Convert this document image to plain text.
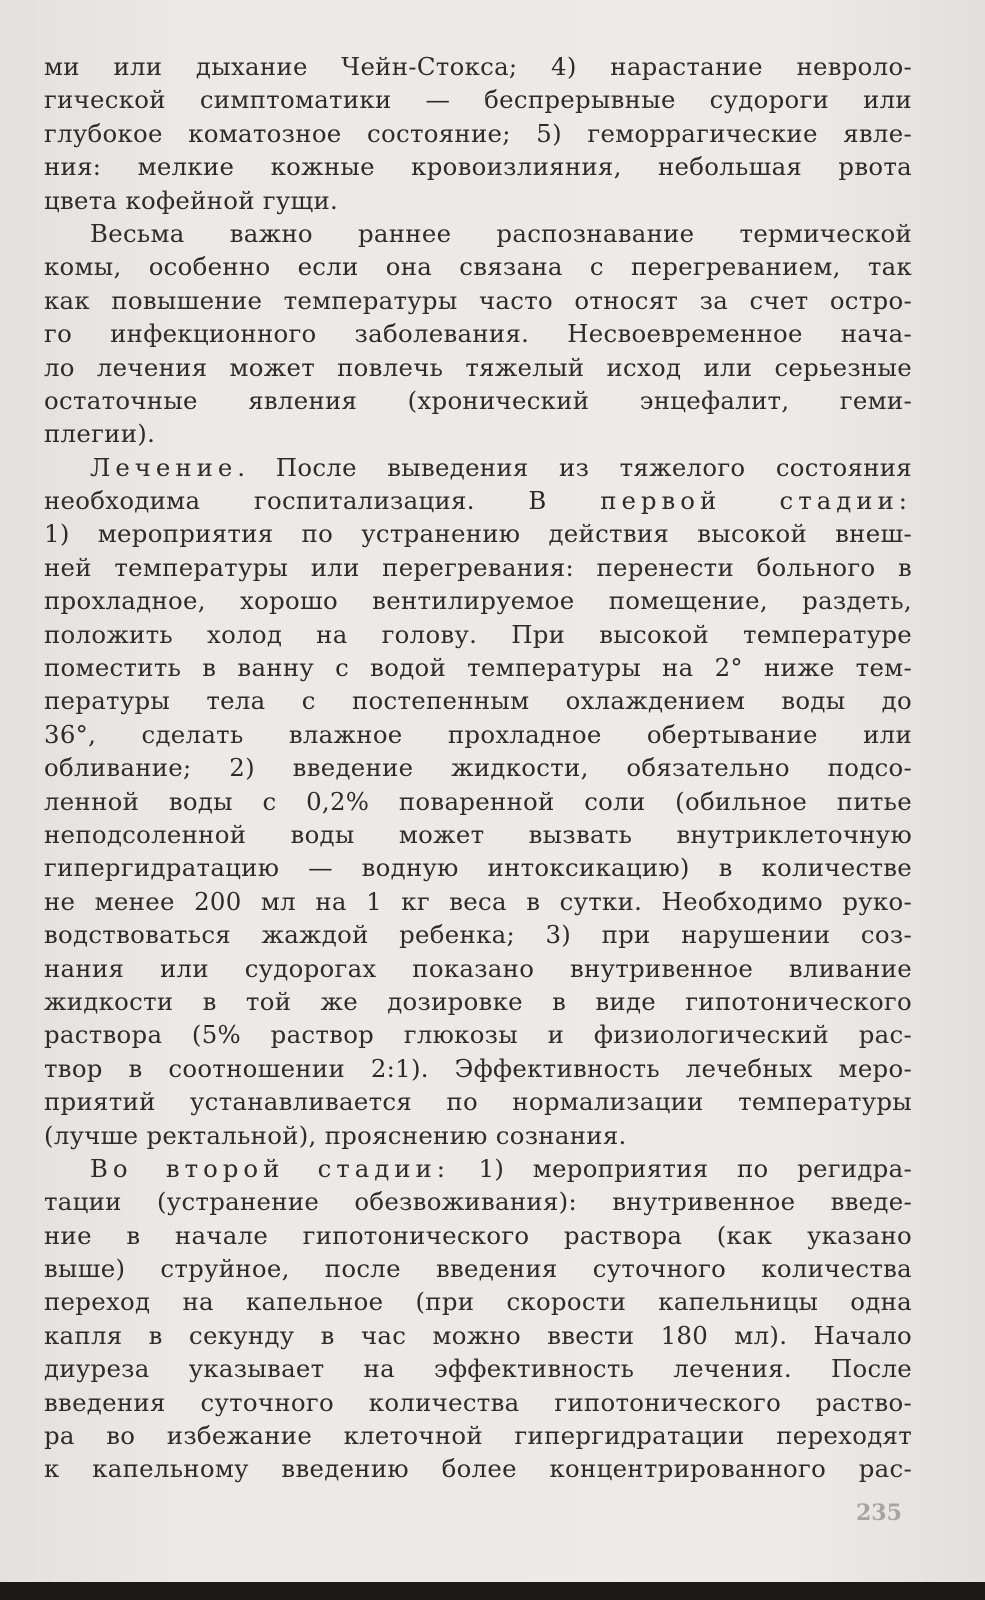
ми или дыхание Чейн-Стокса; 4) нарастание невроло-
гической симптоматики — беспрерывные судороги или
глубокое коматозное состояние; 5) геморрагические явле-
ния: мелкие кожные кровоизлияния, небольшая рвота
цвета кофейной гущи.
Весьма важно раннее распознавание термической
комы, особенно если она связана с перегреванием, так
как повышение температуры часто относят за счет остро-
го инфекционного заболевания. Несвоевременное нача-
ло лечения может повлечь тяжелый исход или серьезные
остаточные явления (хронический энцефалит, геми-
плегии).
Лечение. После выведения из тяжелого состояния
необходима госпитализация. В первой стадии:
1) мероприятия по устранению действия высокой внеш-
ней температуры или перегревания: перенести больного в
прохладное, хорошо вентилируемое помещение, раздеть,
положить холод на голову. При высокой температуре
поместить в ванну с водой температуры на 2° ниже тем-
пературы тела с постепенным охлаждением воды до
36°, сделать влажное прохладное обертывание или
обливание; 2) введение жидкости, обязательно подсо-
ленной воды с 0,2% поваренной соли (обильное питье
неподсоленной воды может вызвать внутриклеточную
гипергидратацию — водную интоксикацию) в количестве
не менее 200 мл на 1 кг веса в сутки. Необходимо руко-
водствоваться жаждой ребенка; 3) при нарушении соз-
нания или судорогах показано внутривенное вливание
жидкости в той же дозировке в виде гипотонического
раствора (5% раствор глюкозы и физиологический рас-
твор в соотношении 2:1). Эффективность лечебных меро-
приятий устанавливается по нормализации температуры
(лучше ректальной), прояснению сознания.
Во второй стадии: 1) мероприятия по регидра-
тации (устранение обезвоживания): внутривенное введе-
ние в начале гипотонического раствора (как указано
выше) струйное, после введения суточного количества
переход на капельное (при скорости капельницы одна
капля в секунду в час можно ввести 180 мл). Начало
диуреза указывает на эффективность лечения. После
введения суточного количества гипотонического раство-
ра во избежание клеточной гипергидратации переходят
к капельному введению более концентрированного рас-
235
